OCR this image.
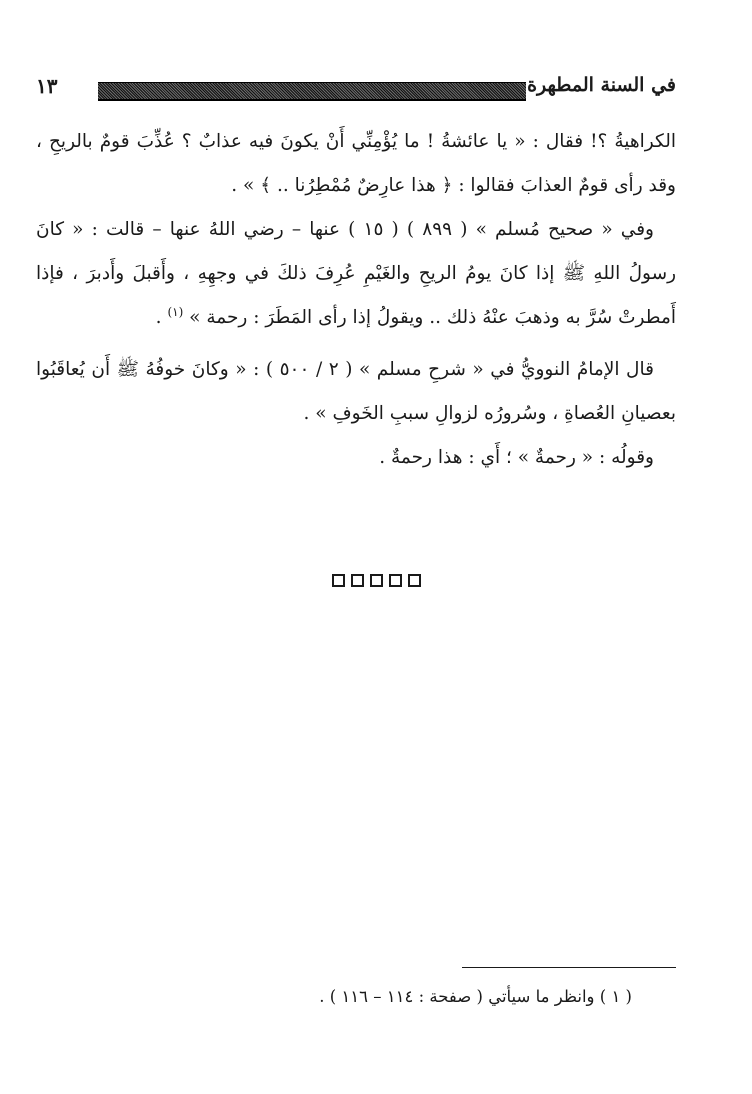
في السنة المطهرة
١٣

الكراهيةُ ؟! فقال : « يا عائشةُ ! ما يُؤْمِنِّي أَنْ يكونَ فيه عذابٌ ؟ عُذِّبَ قومٌ بالريحِ ، وقد رأى قومٌ العذابَ فقالوا : ﴿ هذا عارِضٌ مُمْطِرُنا .. ﴾ » .

وفي « صحيح مُسلم » ( ٨٩٩ ) ( ١٥ ) عنها – رضي اللهُ عنها – قالت : « كانَ رسولُ اللهِ ﷺ إذا كانَ يومُ الريحِ والغَيْمِ عُرِفَ ذلكَ في وجهِهِ ، وأَقبلَ وأَدبرَ ، فإذا أَمطرتْ سُرَّ به وذهبَ عنْهُ ذلك .. ويقولُ إذا رأى المَطَرَ : رحمة » $^{(١)}$ .

قال الإمامُ النوويُّ في « شرحِ مسلم » ( ٢ / ٥٠٠ ) : « وكانَ خوفُهُ ﷺ أَن يُعاقَبُوا بعصيانِ العُصاةِ ، وسُرورُه لزوالِ سببِ الخَوفِ » .

وقولُه : « رحمةٌ » ؛ أَي : هذا رحمةٌ .

( ١ ) وانظر ما سيأتي ( صفحة : ١١٤ – ١١٦ ) .
